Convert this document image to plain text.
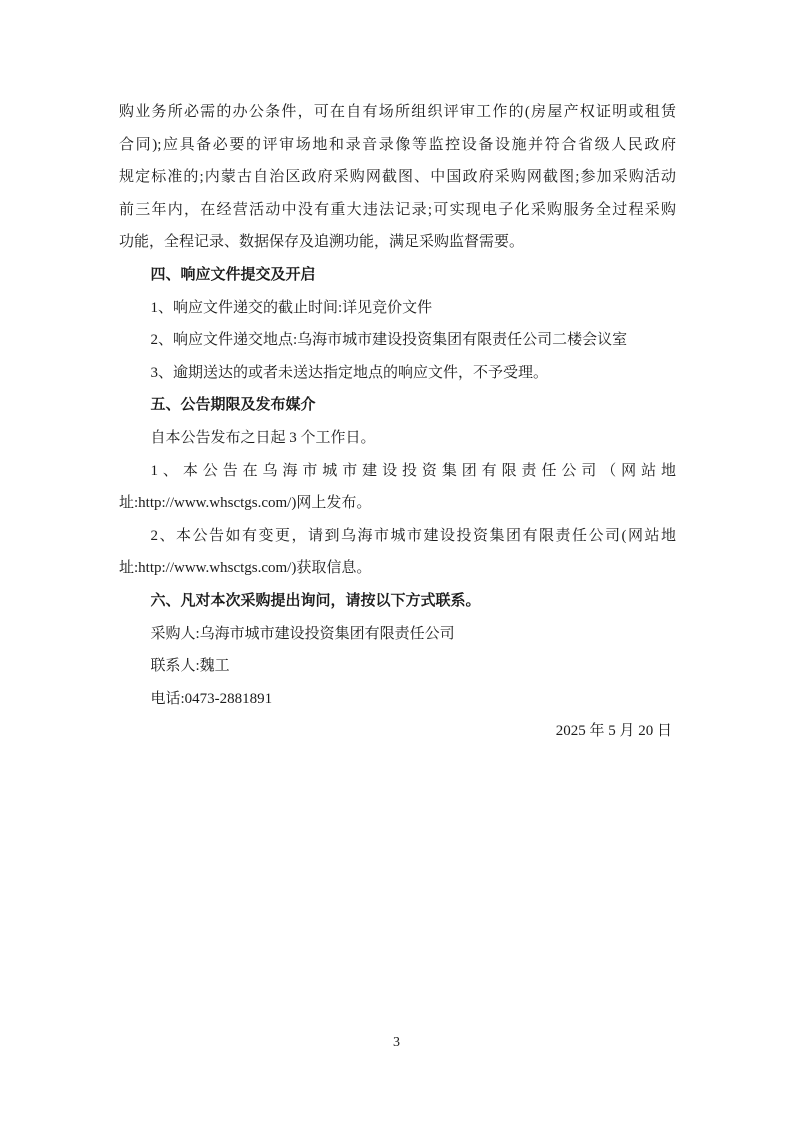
购业务所必需的办公条件，可在自有场所组织评审工作的(房屋产权证明或租赁
合同);应具备必要的评审场地和录音录像等监控设备设施并符合省级人民政府
规定标准的;内蒙古自治区政府采购网截图、中国政府采购网截图;参加采购活动
前三年内，在经营活动中没有重大违法记录;可实现电子化采购服务全过程采购
功能，全程记录、数据保存及追溯功能，满足采购监督需要。
四、响应文件提交及开启
1、响应文件递交的截止时间:详见竞价文件
2、响应文件递交地点:乌海市城市建设投资集团有限责任公司二楼会议室
3、逾期送达的或者未送达指定地点的响应文件，不予受理。
五、公告期限及发布媒介
自本公告发布之日起 3 个工作日。
1、本公告在乌海市城市建设投资集团有限责任公司（网站地
址:http://www.whsctgs.com/)网上发布。
2、本公告如有变更，请到乌海市城市建设投资集团有限责任公司(网站地
址:http://www.whsctgs.com/)获取信息。
六、凡对本次采购提出询问，请按以下方式联系。
采购人:乌海市城市建设投资集团有限责任公司
联系人:魏工
电话:0473-2881891
2025 年 5 月 20 日
3
